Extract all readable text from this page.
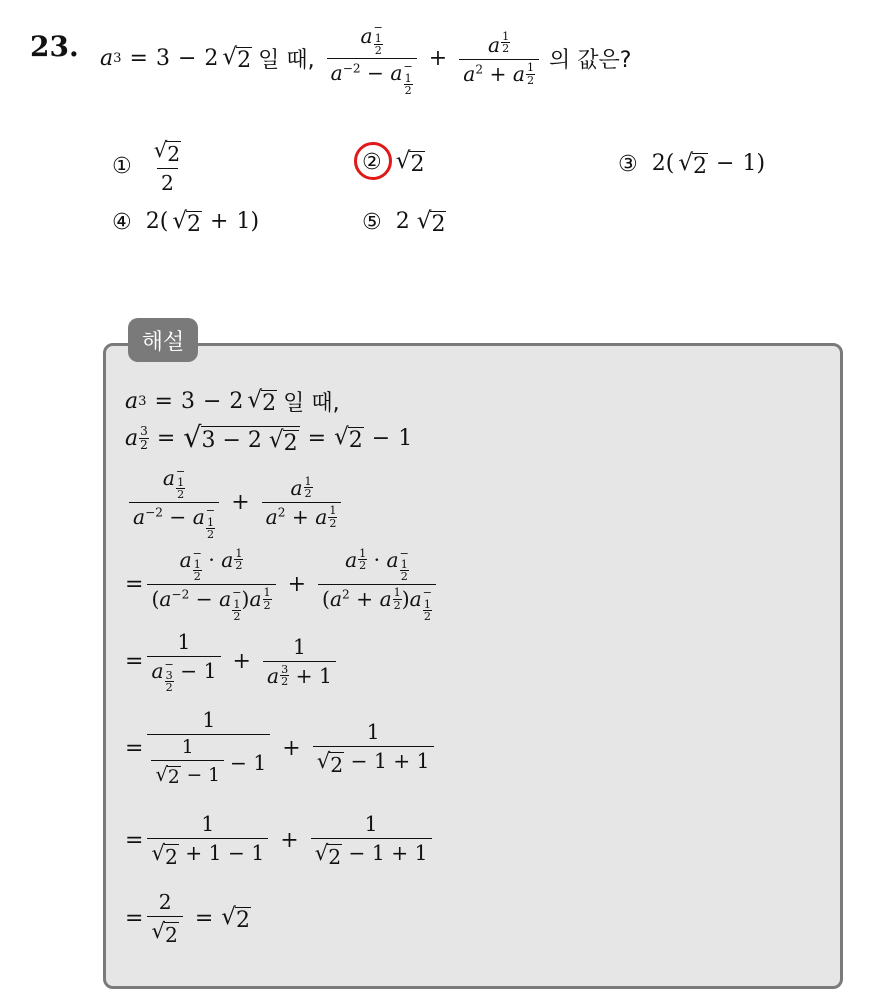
23. a 3 = 3 − 2 √ 2 일 때, a−
1
2
$a^{-2} - a-$
1
$2 + \frac{a \frac{1}{2}}{a^2 + a \frac{1}{2}}$ 의 값은?
① $\frac{√ 2}{2}$	② √ 2	③ 2( √ 2 − 1)
④ 2( √ 2 + 1)	⑤ 2 √ 2
해설
a 3 = 3 − 2 √ 2 일 때,
a $\frac{3}{2}$ = √ 3 − 2 √ 2 = √ 2 − 1
a−
1
2
$a^{-2} - a-$
1
$2 + \frac{a \frac{1}{2}}{a^2 + a \frac{1}{2}}$
= a−
1
2
· a $\frac{1}{2}$
($a^{-2} - a-$
1
2
)$a \frac{1}{2} + a \frac{1}{2} \cdot a-$
1
2
$(a^2 + a \frac{1}{2} )a-$
1
2
= 1
a−
3
2
− $1 + \frac{1}{a \frac{3}{2} + 1}$
= $\frac{1}{\frac{1}{√ 2 - 1} - 1} + \frac{1}{√ 2 - 1 + 1}$
= $\frac{1}{√ 2 + 1 - 1} + \frac{1}{√ 2 - 1 + 1}$
= $\frac{2}{√ 2}$ = √ 2
